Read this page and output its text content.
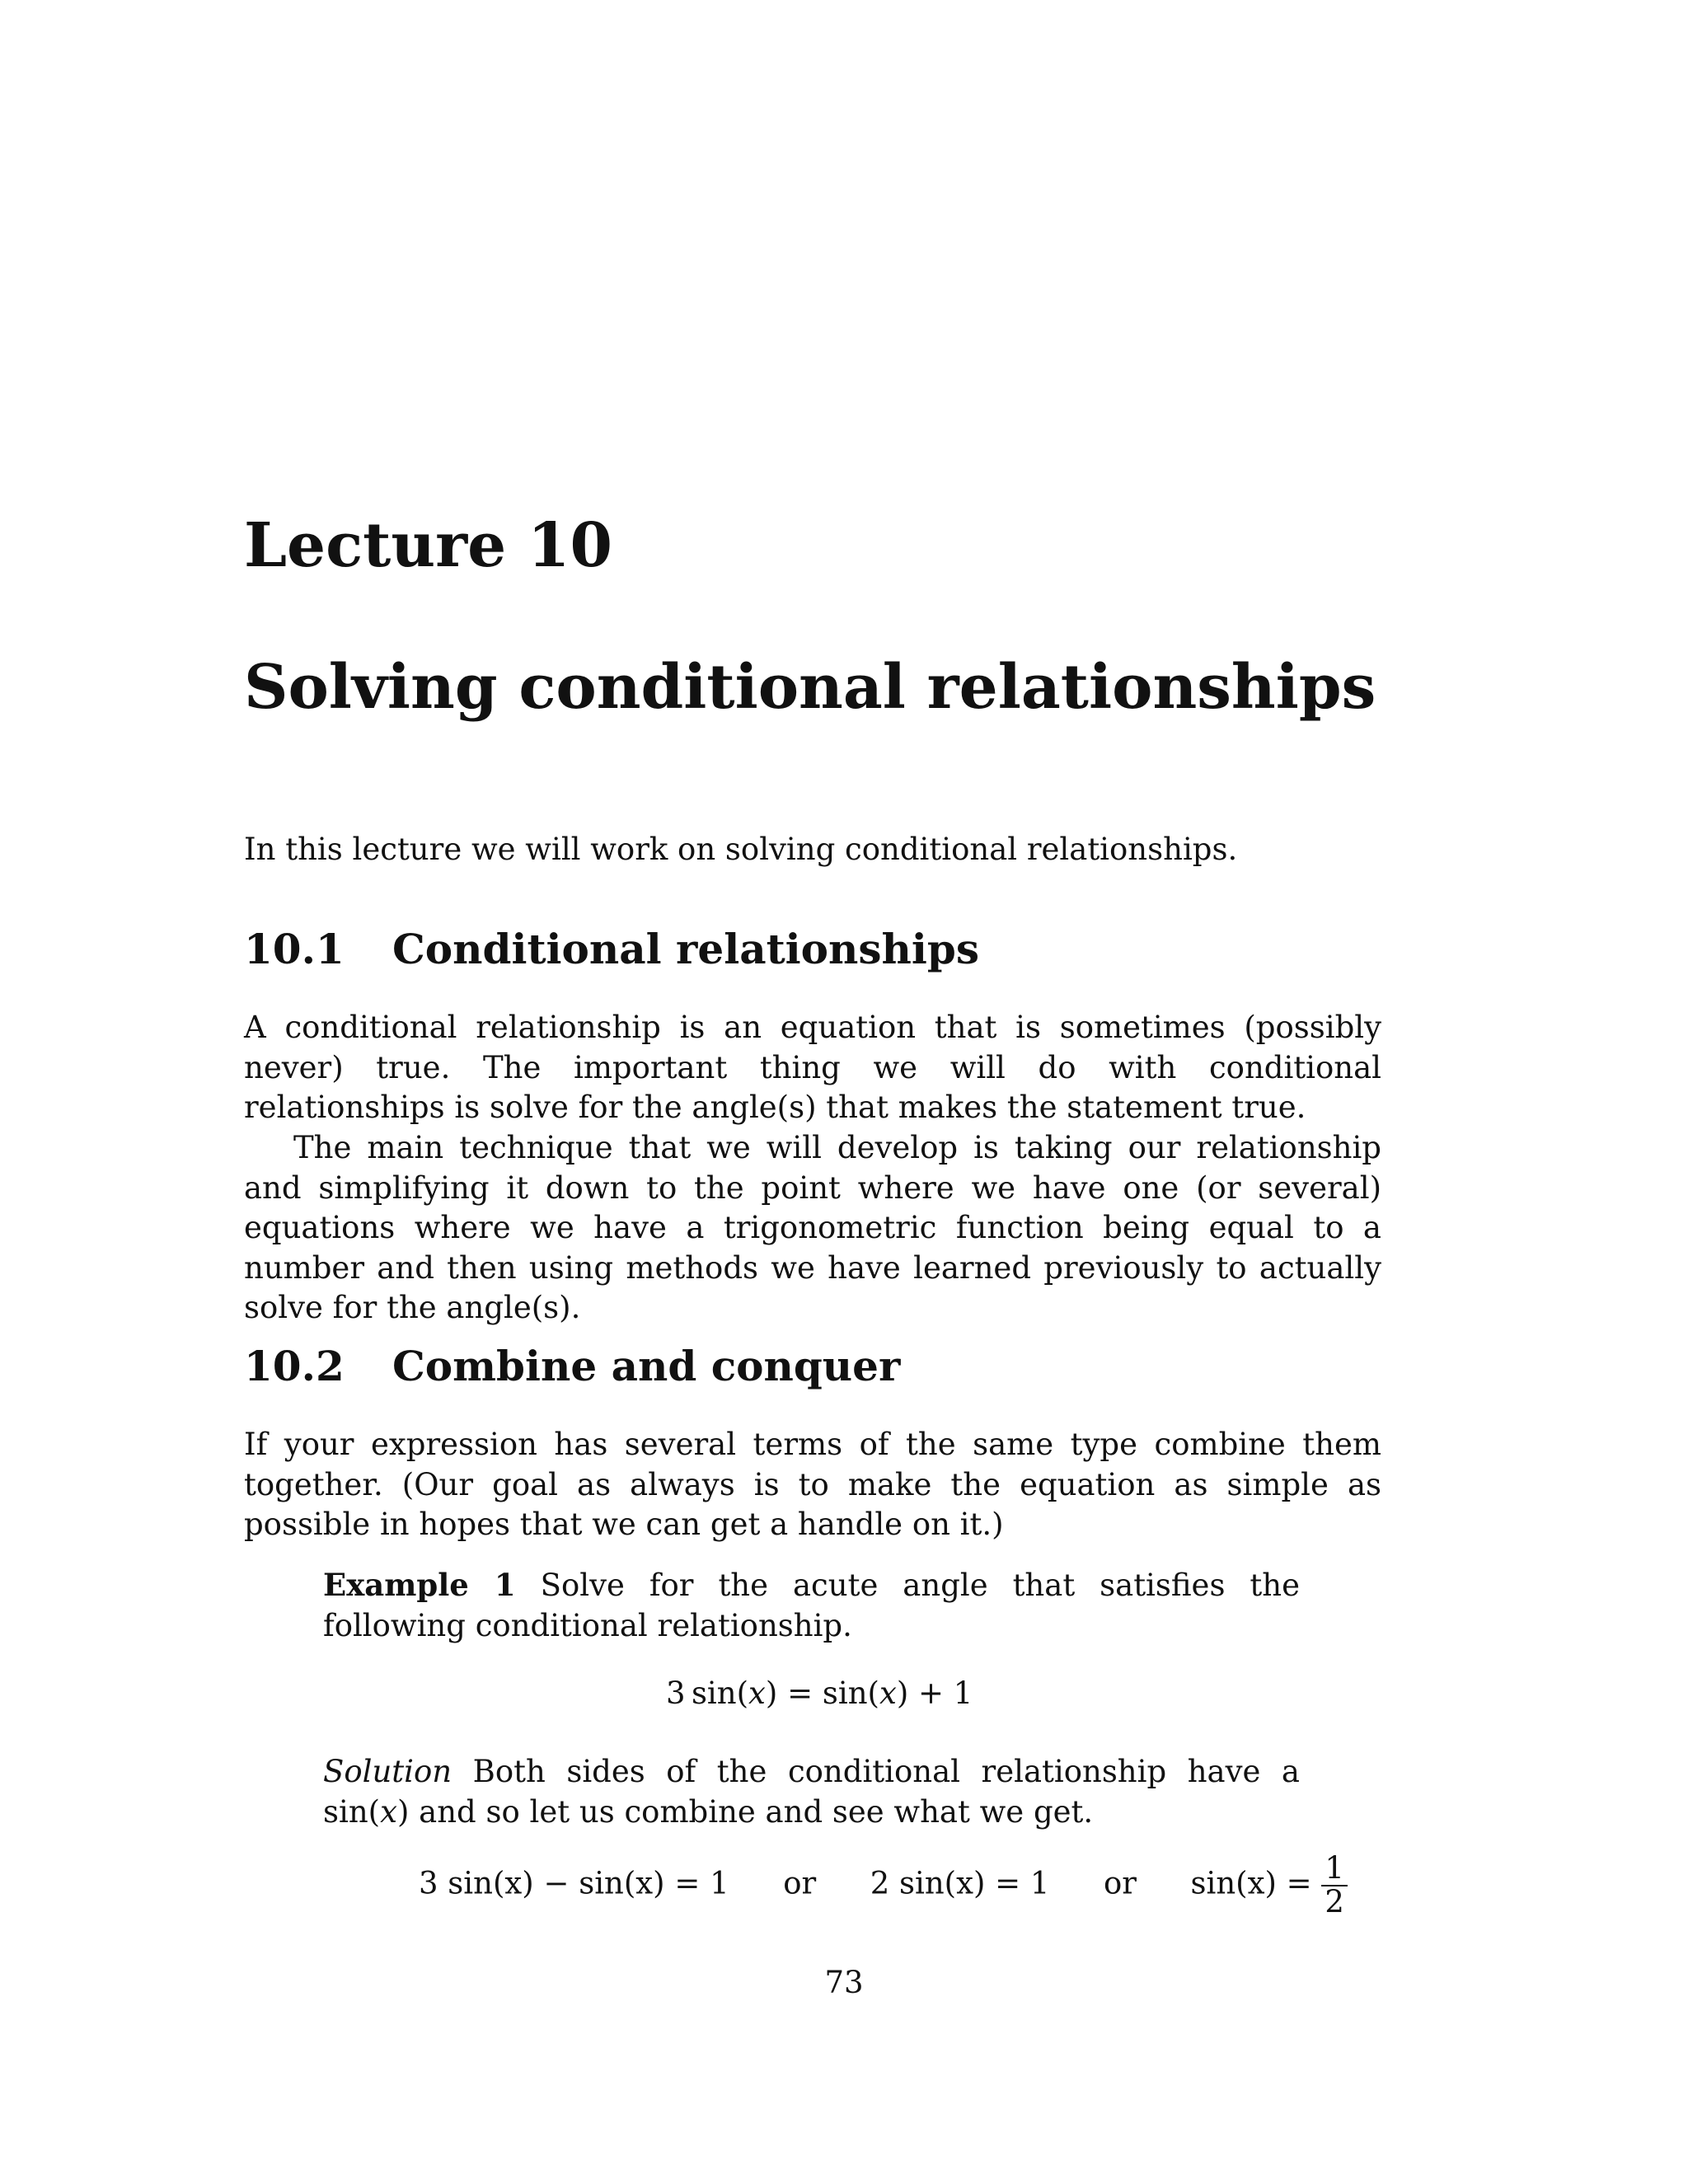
Lecture 10
Solving conditional relationships

In this lecture we will work on solving conditional relationships.

10.1 Conditional relationships

A conditional relationship is an equation that is sometimes (possibly never) true. The important thing we will do with conditional relationships is solve for the angle(s) that makes the statement true.

The main technique that we will develop is taking our relationship and simplifying it down to the point where we have one (or several) equations where we have a trigonometric function being equal to a number and then using methods we have learned previously to actually solve for the angle(s).

10.2 Combine and conquer

If your expression has several terms of the same type combine them together. (Our goal as always is to make the equation as simple as possible in hopes that we can get a handle on it.)

Example 1 Solve for the acute angle that satisfies the following conditional relationship.

3  sin(x) = sin(x) + 1

Solution Both sides of the conditional relationship have a sin(x) and so let us combine and see what we get.

3 sin(x) − sin(x) = 1 or 2 sin(x) = 1 or $\sin(x) = \frac{1}{2}$
73
